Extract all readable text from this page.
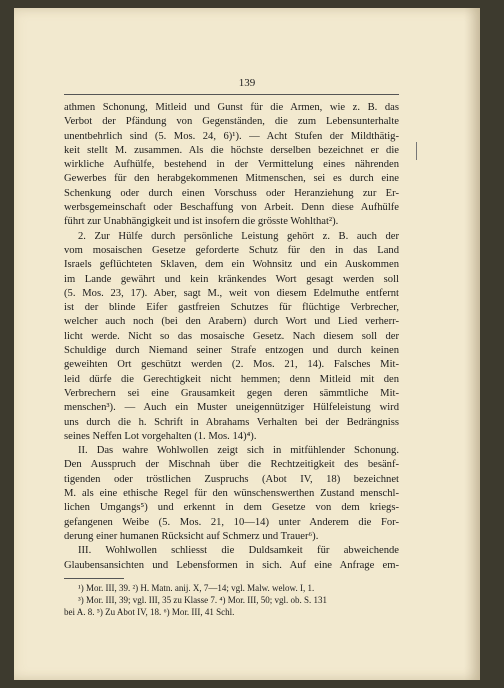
139
athmen Schonung, Mitleid und Gunst für die Armen, wie z. B. das
Verbot der Pfändung von Gegenständen, die zum Lebensunterhalte
unentbehrlich sind (5. Mos. 24, 6)¹). — Acht Stufen der Mildthätig-
keit stellt M. zusammen. Als die höchste derselben bezeichnet er die
wirkliche Aufhülfe, bestehend in der Vermittelung eines nährenden
Gewerbes für den herabgekommenen Mitmenschen, sei es durch eine
Schenkung oder durch einen Vorschuss oder Heranziehung zur Er-
werbsgemeinschaft oder Beschaffung von Arbeit. Denn diese Aufhülfe
führt zur Unabhängigkeit und ist insofern die grösste Wohlthat²).
2. Zur Hülfe durch persönliche Leistung gehört z. B. auch der
vom mosaischen Gesetze geforderte Schutz für den in das Land
Israels geflüchteten Sklaven, dem ein Wohnsitz und ein Auskommen
im Lande gewährt und kein kränkendes Wort gesagt werden soll
(5. Mos. 23, 17). Aber, sagt M., weit von diesem Edelmuthe entfernt
ist der blinde Eifer gastfreien Schutzes für flüchtige Verbrecher,
welcher auch noch (bei den Arabern) durch Wort und Lied verherr-
licht werde. Nicht so das mosaische Gesetz. Nach diesem soll der
Schuldige durch Niemand seiner Strafe entzogen und durch keinen
geweihten Ort geschützt werden (2. Mos. 21, 14). Falsches Mit-
leid dürfe die Gerechtigkeit nicht hemmen; denn Mitleid mit den
Verbrechern sei eine Grausamkeit gegen deren sämmtliche Mit-
menschen³). — Auch ein Muster uneigennütziger Hülfeleistung wird
uns durch die h. Schrift in Abrahams Verhalten bei der Bedrängniss
seines Neffen Lot vorgehalten (1. Mos. 14)⁴).
II. Das wahre Wohlwollen zeigt sich in mitfühlender Schonung.
Den Ausspruch der Mischnah über die Rechtzeitigkeit des besänf-
tigenden oder tröstlichen Zuspruchs (Abot IV, 18) bezeichnet
M. als eine ethische Regel für den wünschenswerthen Zustand menschl-
lichen Umgangs⁵) und erkennt in dem Gesetze von dem kriegs-
gefangenen Weibe (5. Mos. 21, 10—14) unter Anderem die For-
derung einer humanen Rücksicht auf Schmerz und Trauer⁶).
III. Wohlwollen schliesst die Duldsamkeit für abweichende
Glaubensansichten und Lebensformen in sich. Auf eine Anfrage em-
¹) Mor. III, 39. ²) H. Matn. anij. X, 7—14; vgl. Malw. welow. I, 1.
³) Mor. III, 39; vgl. III, 35 zu Klasse 7. ⁴) Mor. III, 50; vgl. ob. S. 131
bei A. 8. ⁵) Zu Abot IV, 18. ⁶) Mor. III, 41 Schl.
